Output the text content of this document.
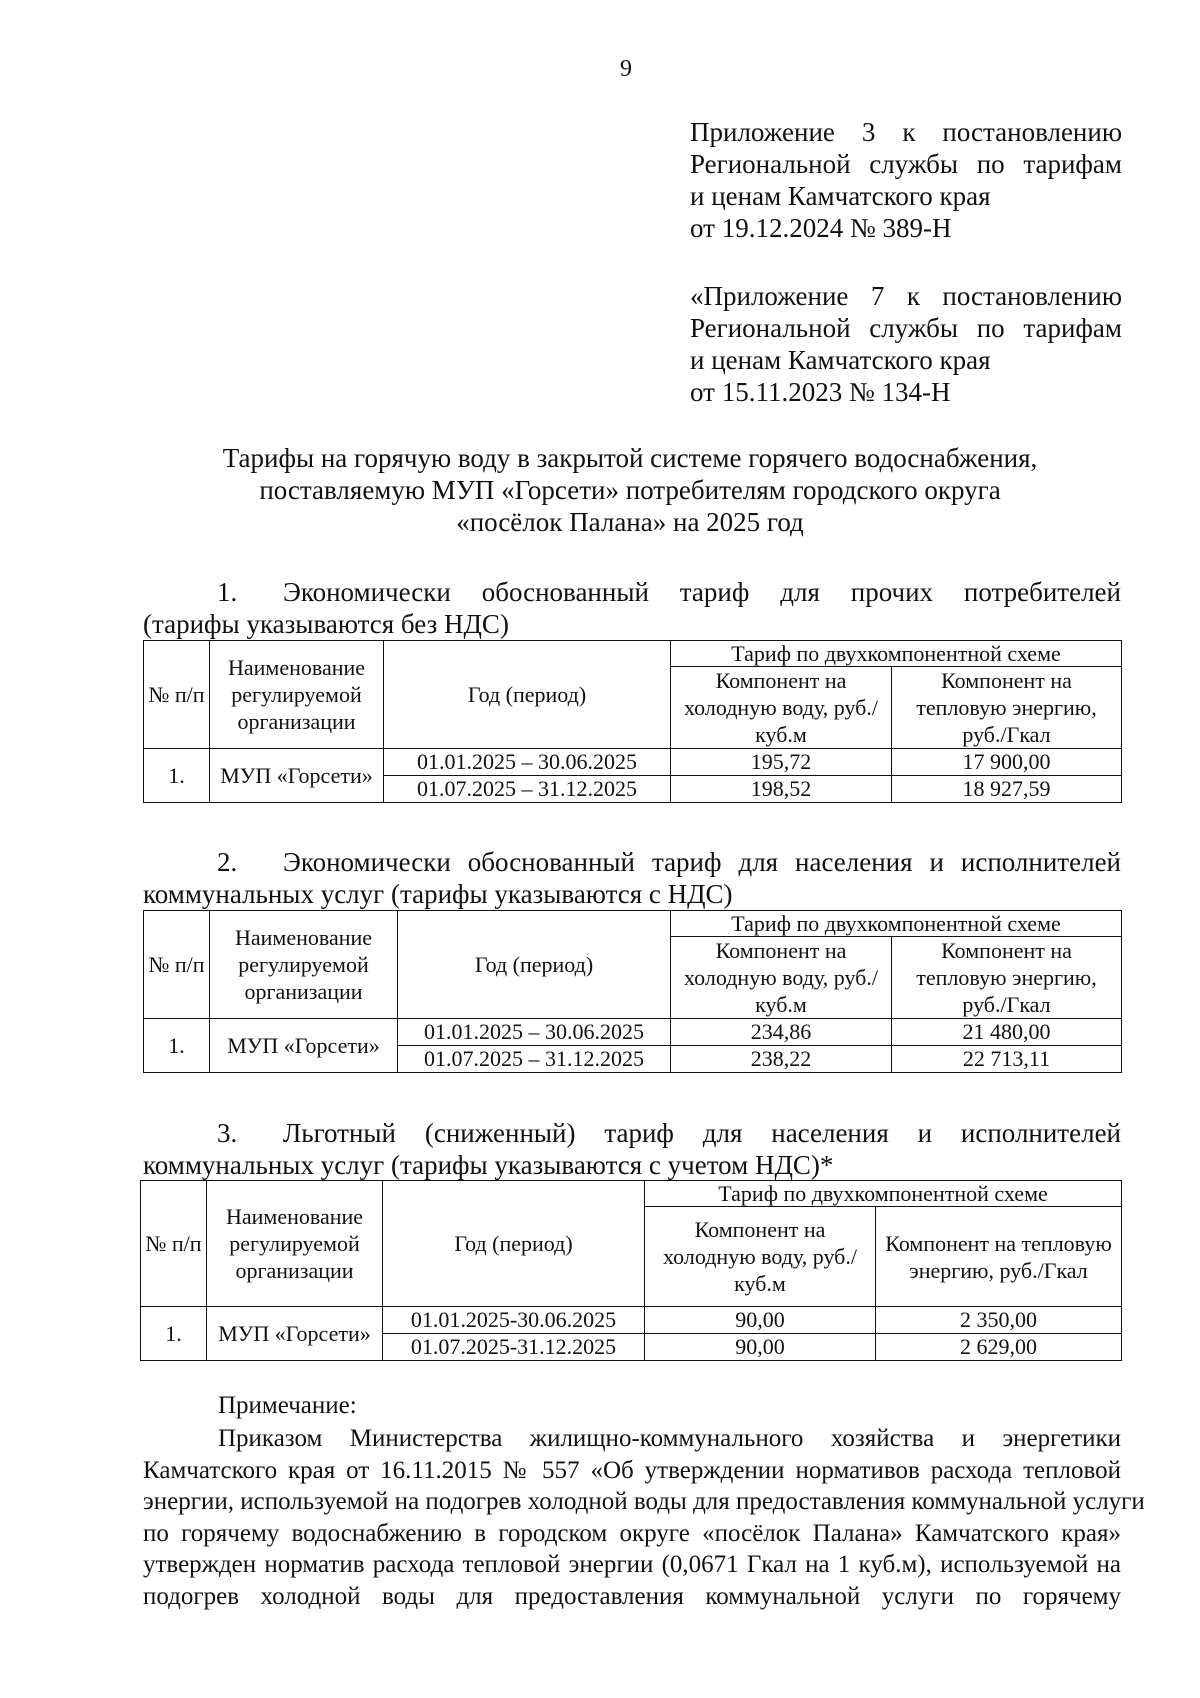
9
Приложение 3 к постановлению
Региональной службы по тарифам
и ценам Камчатского края
от 19.12.2024 № 389-Н
«Приложение 7 к постановлению
Региональной службы по тарифам
и ценам Камчатского края
от 15.11.2023 № 134-Н
Тарифы на горячую воду в закрытой системе горячего водоснабжения,
поставляемую МУП «Горсети» потребителям городского округа
«посёлок Палана» на 2025 год
1. Экономически обоснованный тариф для прочих потребителей
(тарифы указываются без НДС)
№ п/п	Наименование регулируемой организации	Год (период)	Тариф по двухкомпонентной схеме	
			Компонент на холодную воду, руб./куб.м	Компонент на тепловую энергию, руб./Гкал
1.	МУП «Горсети»	01.01.2025 – 30.06.2025	195,72	17 900,00
		01.07.2025 – 31.12.2025	198,52	18 927,59
2. Экономически обоснованный тариф для населения и исполнителей
коммунальных услуг (тарифы указываются с НДС)
№ п/п	Наименование регулируемой организации	Год (период)	Тариф по двухкомпонентной схеме	
			Компонент на холодную воду, руб./куб.м	Компонент на тепловую энергию, руб./Гкал
1.	МУП «Горсети»	01.01.2025 – 30.06.2025	234,86	21 480,00
		01.07.2025 – 31.12.2025	238,22	22 713,11
3. Льготный (сниженный) тариф для населения и исполнителей
коммунальных услуг (тарифы указываются с учетом НДС)*
№ п/п	Наименование регулируемой организации	Год (период)	Тариф по двухкомпонентной схеме	
			Компонент на холодную воду, руб./куб.м	Компонент на тепловую энергию, руб./Гкал
1.	МУП «Горсети»	01.01.2025-30.06.2025	90,00	2 350,00
		01.07.2025-31.12.2025	90,00	2 629,00
Примечание:
Приказом Министерства жилищно-коммунального хозяйства и энергетики
Камчатского края от 16.11.2015 № 557 «Об утверждении нормативов расхода тепловой
энергии, используемой на подогрев холодной воды для предоставления коммунальной услуги
по горячему водоснабжению в городском округе «посёлок Палана» Камчатского края»
утвержден норматив расхода тепловой энергии (0,0671 Гкал на 1 куб.м), используемой на
подогрев холодной воды для предоставления коммунальной услуги по горячему
